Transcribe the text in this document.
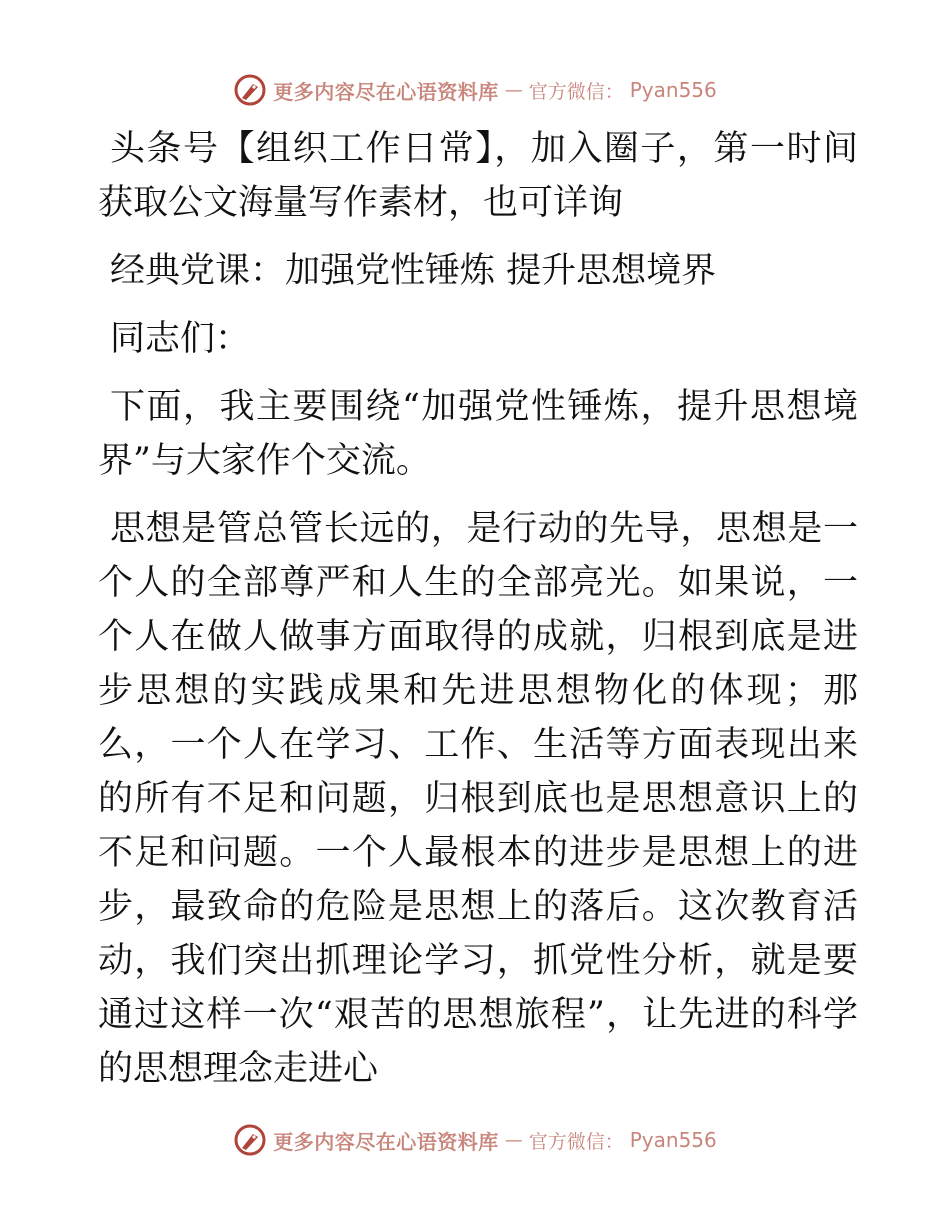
更多内容尽在心语资料库 — 官方微信： Pyan556

头条号【组织工作日常】，加入圈子，第一时间获取公文海量写作素材，也可详询

经典党课：加强党性锤炼 提升思想境界

同志们：

下面，我主要围绕“加强党性锤炼，提升思想境界”与大家作个交流。

思想是管总管长远的，是行动的先导，思想是一个人的全部尊严和人生的全部亮光。如果说，一个人在做人做事方面取得的成就，归根到底是进步思想的实践成果和先进思想物化的体现；那么，一个人在学习、工作、生活等方面表现出来的所有不足和问题，归根到底也是思想意识上的不足和问题。一个人最根本的进步是思想上的进步，最致命的危险是思想上的落后。这次教育活动，我们突出抓理论学习，抓党性分析，就是要通过这样一次“艰苦的思想旅程”，让先进的科学的思想理念走进心

更多内容尽在心语资料库 — 官方微信： Pyan556
